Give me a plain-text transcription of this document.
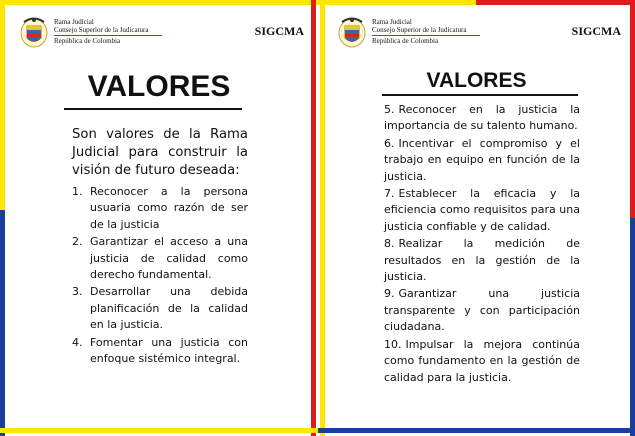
Rama Judicial
Consejo Superior de la Judicatura
República de Colombia
SIGCMA
VALORES
Son valores de la Rama Judicial para construir la visión de futuro deseada:
1. Reconocer a la persona usuaria como razón de ser de la justicia
2. Garantizar el acceso a una justicia de calidad como derecho fundamental.
3. Desarrollar una debida planificación de la calidad en la justicia.
4. Fomentar una justicia con enfoque sistémico integral.
Rama Judicial
Consejo Superior de la Judicatura
República de Colombia
SIGCMA
VALORES
5. Reconocer en la justicia la importancia de su talento humano.
6. Incentivar el compromiso y el trabajo en equipo en función de la justicia.
7. Establecer la eficacia y la eficiencia como requisitos para una justicia confiable y de calidad.
8. Realizar la medición de resultados en la gestión de la justicia.
9. Garantizar una justicia transparente y con participación ciudadana.
10. Impulsar la mejora continúa como fundamento en la gestión de calidad para la justicia.
